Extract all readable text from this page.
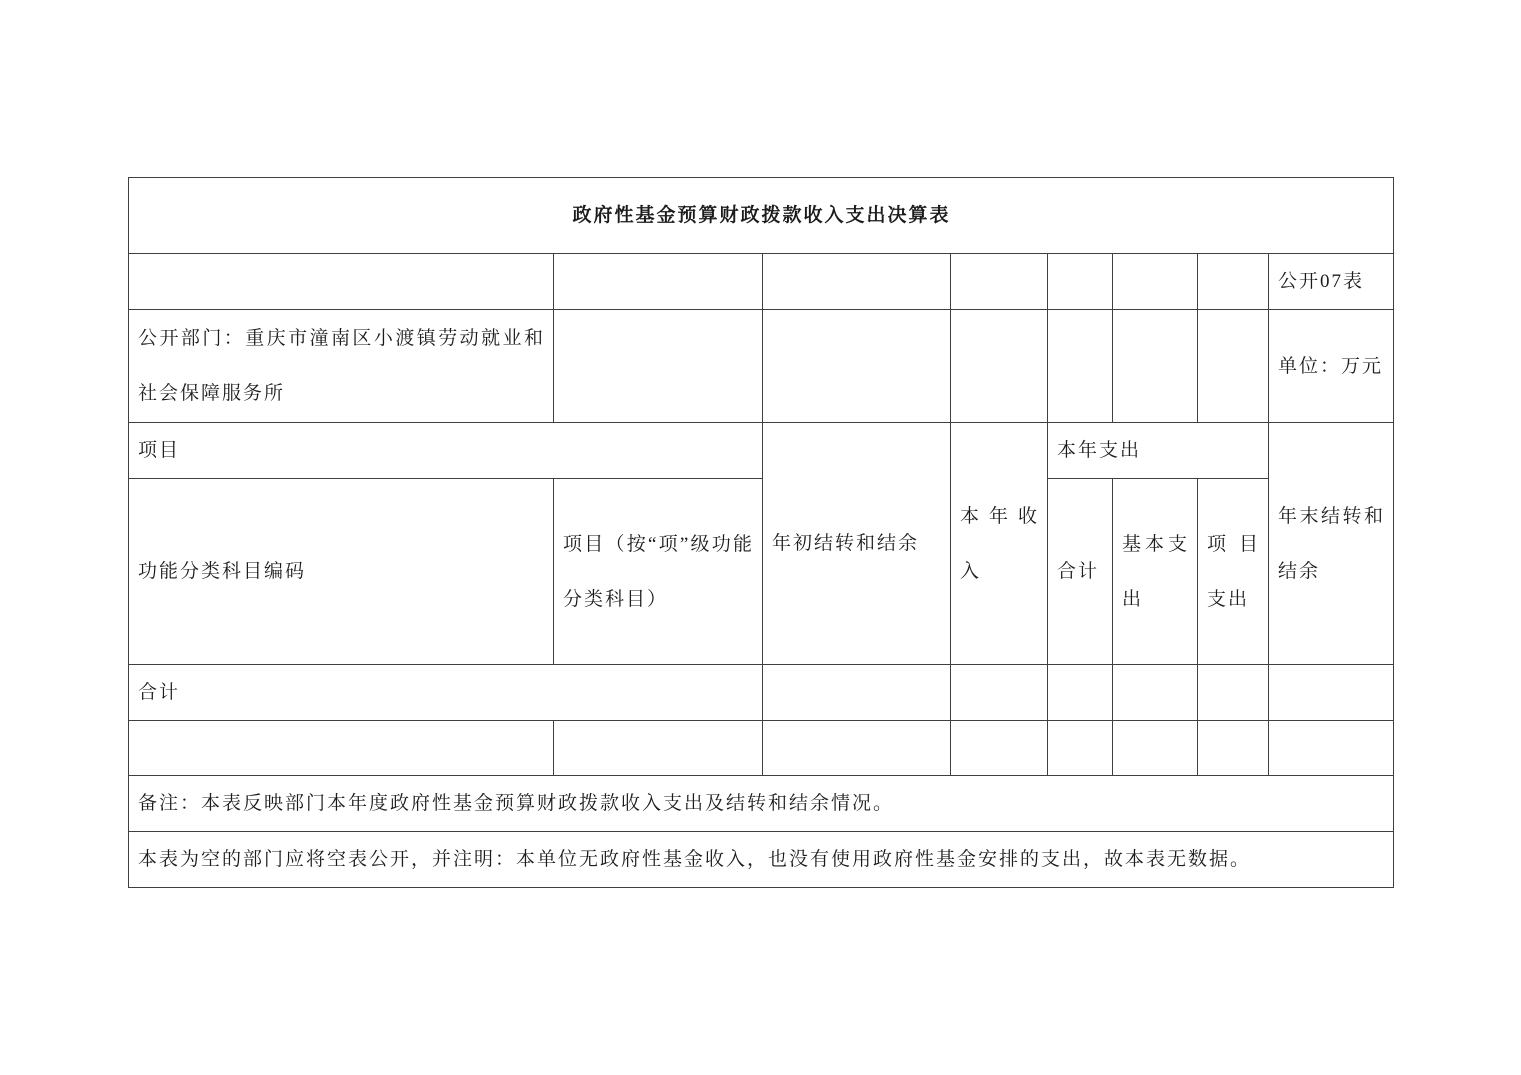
政府性基金预算财政拨款收入支出决算表							
							公开07表
公开部门：重庆市潼南区小渡镇劳动就业和社会保障服务所							单位：万元
项目		年初结转和结余	本年收入	本年支出			年末结转和结余
功能分类科目编码	项目（按“项”级功能分类科目）			合计	基本支出	项目支出	
合计							

备注：本表反映部门本年度政府性基金预算财政拨款收入支出及结转和结余情况。							
本表为空的部门应将空表公开，并注明：本单位无政府性基金收入，也没有使用政府性基金安排的支出，故本表无数据。							
